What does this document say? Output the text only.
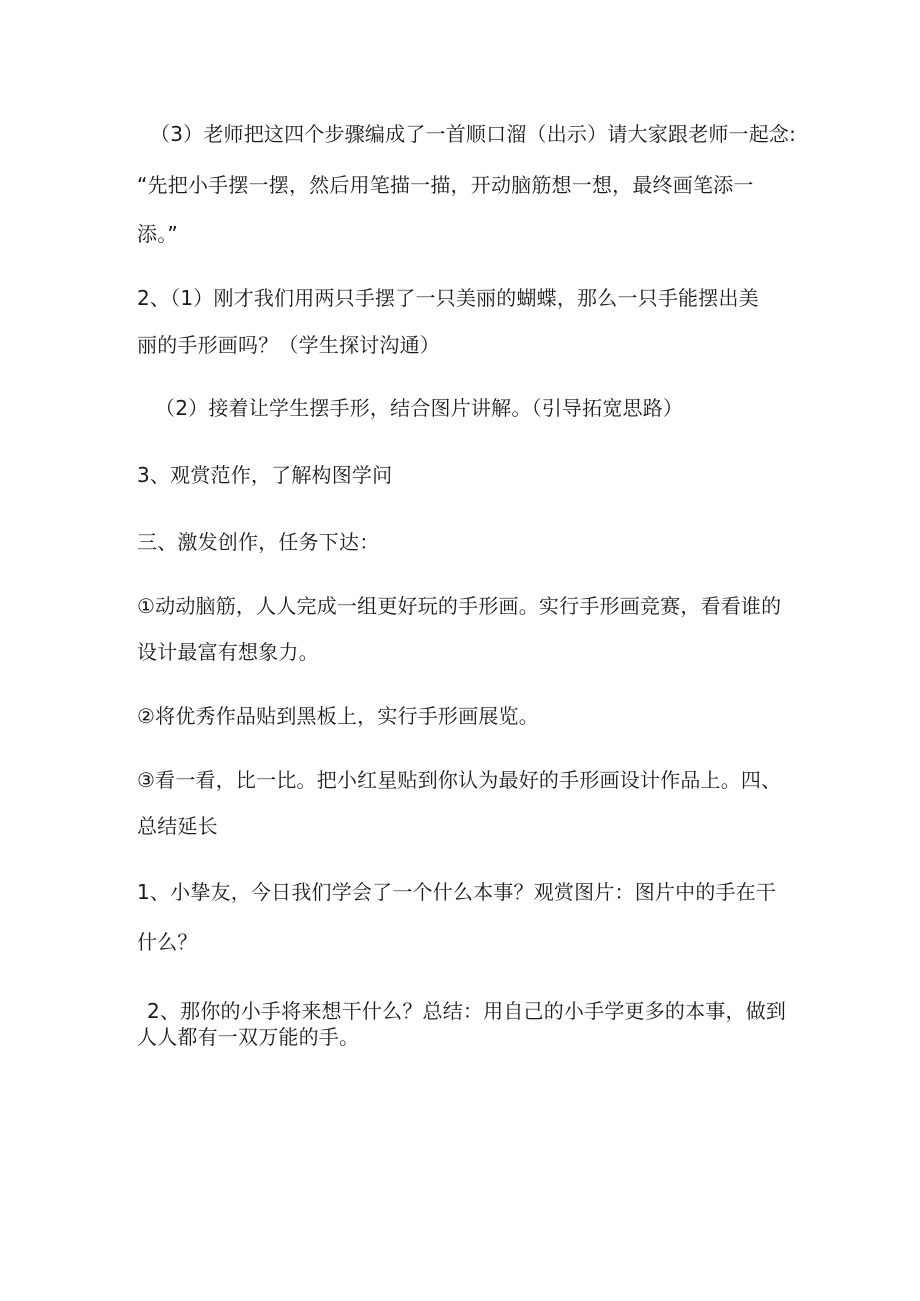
（3）老师把这四个步骤编成了一首顺口溜（出示）请大家跟老师一起念:
“先把小手摆一摆，然后用笔描一描，开动脑筋想一想，最终画笔添一
添。”
2、（1）刚才我们用两只手摆了一只美丽的蝴蝶，那么一只手能摆出美
丽的手形画吗？（学生探讨沟通）
（2）接着让学生摆手形，结合图片讲解。（引导拓宽思路）
3、观赏范作，了解构图学问
三、激发创作，任务下达：
①动动脑筋，人人完成一组更好玩的手形画。实行手形画竞赛，看看谁的
设计最富有想象力。
②将优秀作品贴到黑板上，实行手形画展览。
③看一看，比一比。把小红星贴到你认为最好的手形画设计作品上。四、
总结延长
1、小挚友，今日我们学会了一个什么本事？观赏图片：图片中的手在干
什么？
2、那你的小手将来想干什么？总结：用自己的小手学更多的本事，做到
人人都有一双万能的手。
